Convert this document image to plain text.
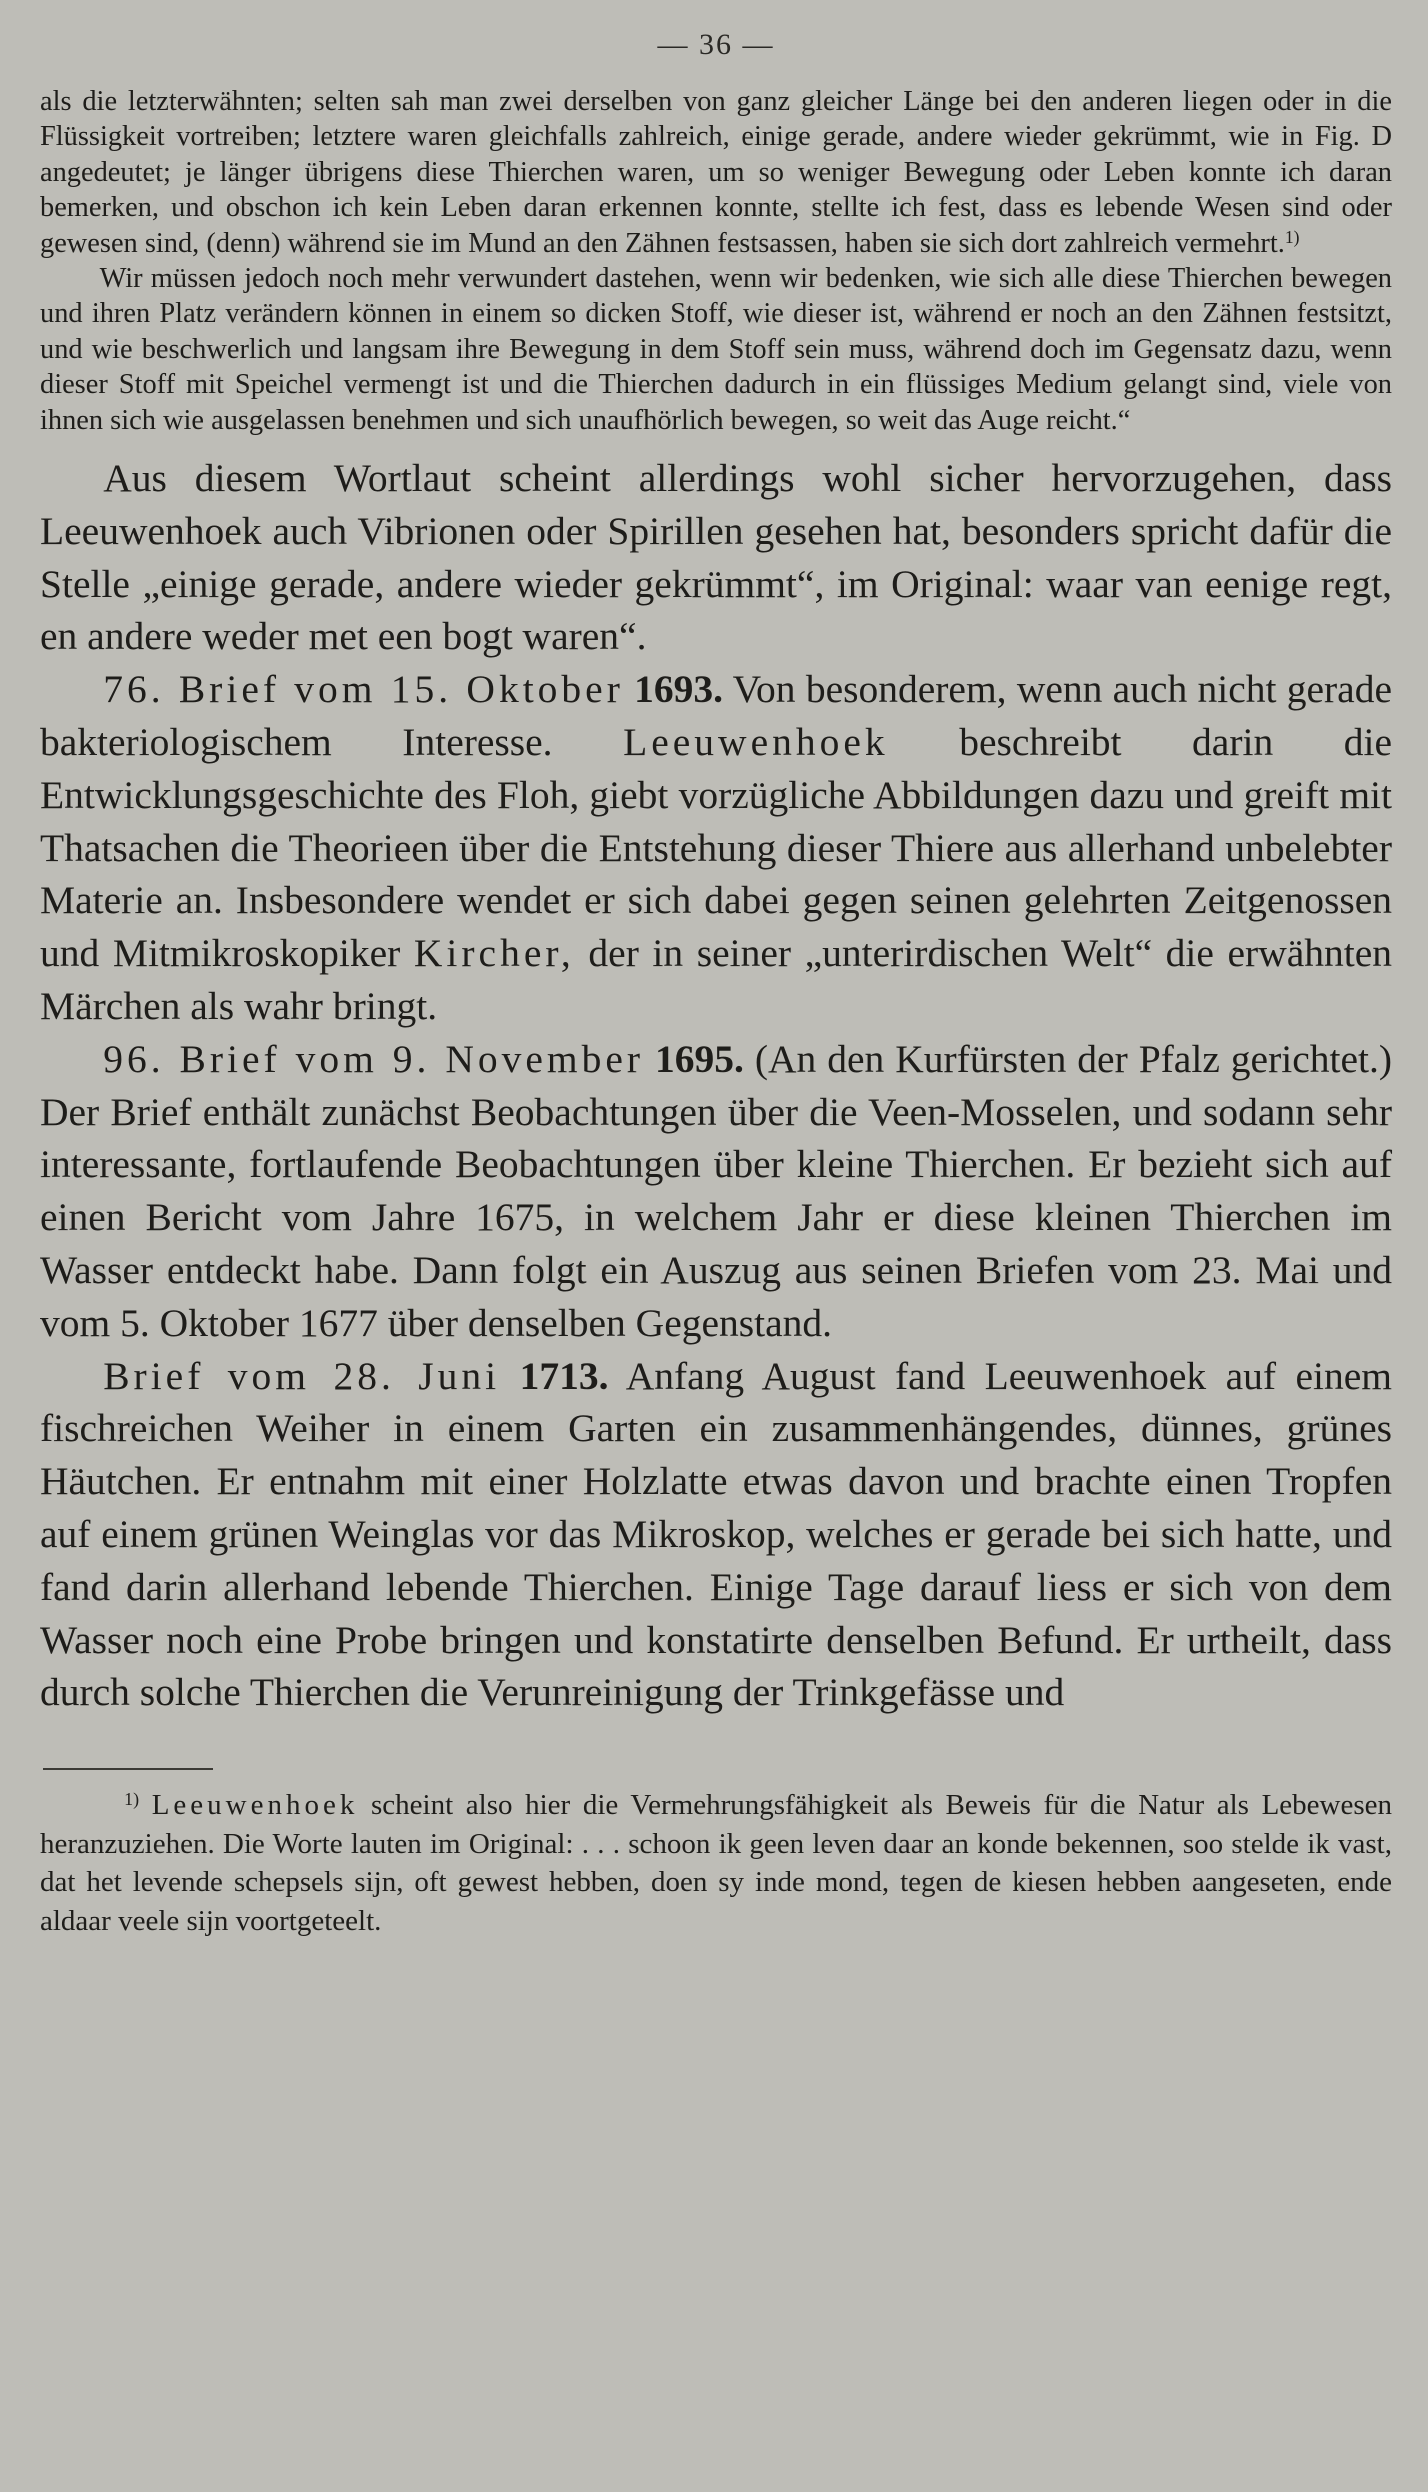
— 36 —

als die letzterwähnten; selten sah man zwei derselben von ganz gleicher Länge bei den anderen liegen oder in die Flüssigkeit vortreiben; letztere waren gleichfalls zahlreich, einige gerade, andere wieder gekrümmt, wie in Fig. D angedeutet; je länger übrigens diese Thierchen waren, um so weniger Bewegung oder Leben konnte ich daran bemerken, und obschon ich kein Leben daran erkennen konnte, stellte ich fest, dass es lebende Wesen sind oder gewesen sind, (denn) während sie im Mund an den Zähnen festsassen, haben sie sich dort zahlreich vermehrt.$^{1)}$

Wir müssen jedoch noch mehr verwundert dastehen, wenn wir bedenken, wie sich alle diese Thierchen bewegen und ihren Platz verändern können in einem so dicken Stoff, wie dieser ist, während er noch an den Zähnen festsitzt, und wie beschwerlich und langsam ihre Bewegung in dem Stoff sein muss, während doch im Gegensatz dazu, wenn dieser Stoff mit Speichel vermengt ist und die Thierchen dadurch in ein flüssiges Medium gelangt sind, viele von ihnen sich wie ausgelassen benehmen und sich unaufhörlich bewegen, so weit das Auge reicht.“

Aus diesem Wortlaut scheint allerdings wohl sicher hervorzugehen, dass Leeuwenhoek auch Vibrionen oder Spirillen gesehen hat, besonders spricht dafür die Stelle „einige gerade, andere wieder gekrümmt“, im Original: waar van eenige regt, en andere weder met een bogt waren“.

76. Brief vom 15. Oktober 1693. Von besonderem, wenn auch nicht gerade bakteriologischem Interesse. Leeuwenhoek beschreibt darin die Entwicklungsgeschichte des Floh, giebt vorzügliche Abbildungen dazu und greift mit Thatsachen die Theorieen über die Entstehung dieser Thiere aus allerhand unbelebter Materie an. Insbesondere wendet er sich dabei gegen seinen gelehrten Zeitgenossen und Mitmikroskopiker Kircher, der in seiner „unterirdischen Welt“ die erwähnten Märchen als wahr bringt.

96. Brief vom 9. November 1695. (An den Kurfürsten der Pfalz gerichtet.) Der Brief enthält zunächst Beobachtungen über die Veen-Mosselen, und sodann sehr interessante, fortlaufende Beobachtungen über kleine Thierchen. Er bezieht sich auf einen Bericht vom Jahre 1675, in welchem Jahr er diese kleinen Thierchen im Wasser entdeckt habe. Dann folgt ein Auszug aus seinen Briefen vom 23. Mai und vom 5. Oktober 1677 über denselben Gegenstand.

Brief vom 28. Juni 1713. Anfang August fand Leeuwenhoek auf einem fischreichen Weiher in einem Garten ein zusammenhängendes, dünnes, grünes Häutchen. Er entnahm mit einer Holzlatte etwas davon und brachte einen Tropfen auf einem grünen Weinglas vor das Mikroskop, welches er gerade bei sich hatte, und fand darin allerhand lebende Thierchen. Einige Tage darauf liess er sich von dem Wasser noch eine Probe bringen und konstatirte denselben Befund. Er urtheilt, dass durch solche Thierchen die Verunreinigung der Trinkgefässe und

$^{1)}$ Leeuwenhoek scheint also hier die Vermehrungsfähigkeit als Beweis für die Natur als Lebewesen heranzuziehen. Die Worte lauten im Original: . . . schoon ik geen leven daar an konde bekennen, soo stelde ik vast, dat het levende schepsels sijn, oft gewest hebben, doen sy inde mond, tegen de kiesen hebben aangeseten, ende aldaar veele sijn voortgeteelt.
